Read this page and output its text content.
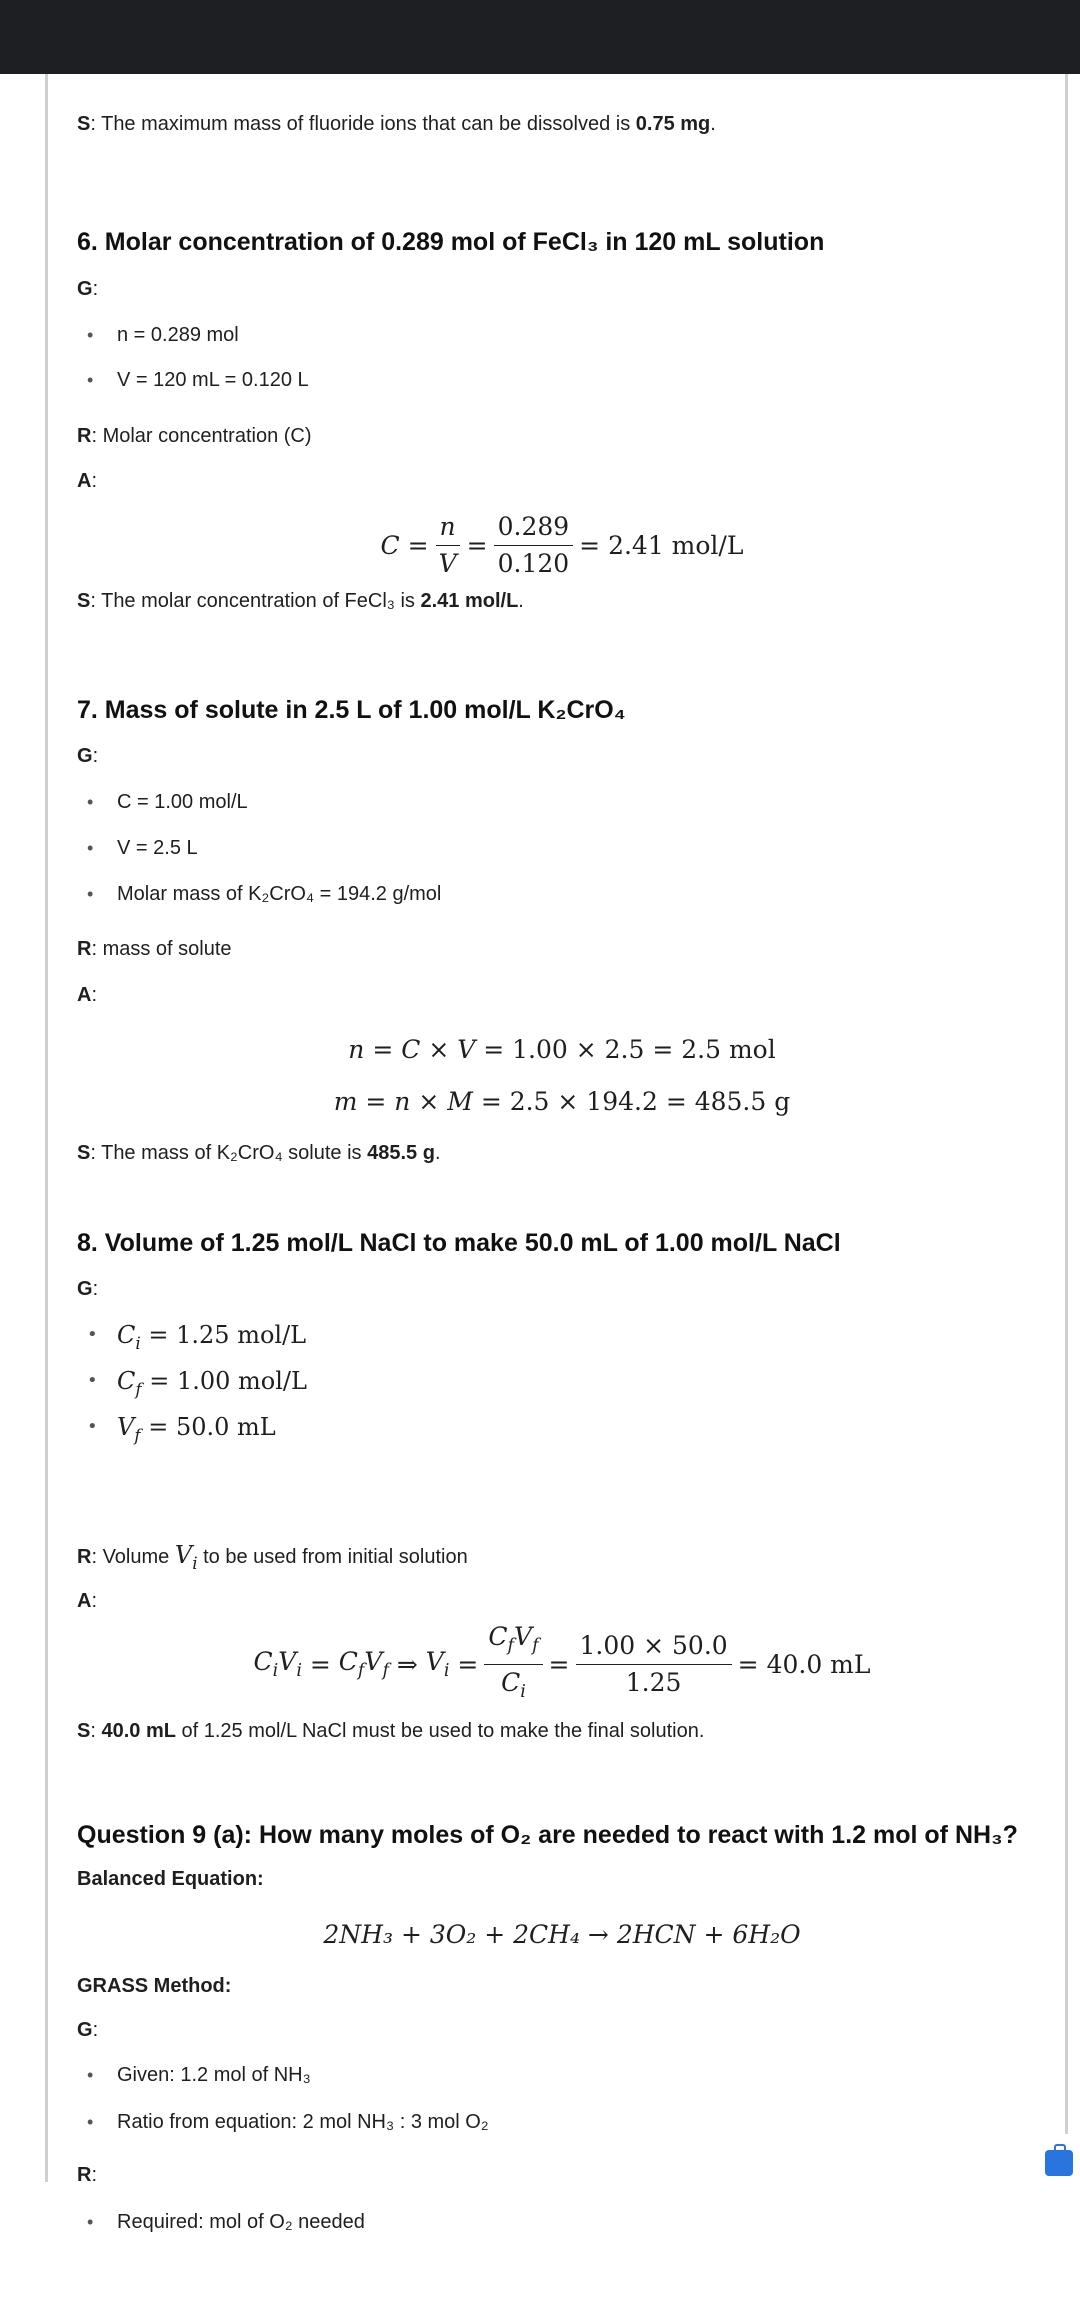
S: The maximum mass of fluoride ions that can be dissolved is 0.75 mg.

6. Molar concentration of 0.289 mol of FeCl₃ in 120 mL solution

G:

• n = 0.289 mol
• V = 120 mL = 0.120 L

R: Molar concentration (C)

A:

$C = \frac{n}{V} = \frac{0.289}{0.120} = 2.41$ mol/L

S: The molar concentration of FeCl₃ is 2.41 mol/L.

7. Mass of solute in 2.5 L of 1.00 mol/L K₂CrO₄

G:

• C = 1.00 mol/L
• V = 2.5 L
• Molar mass of K₂CrO₄ = 194.2 g/mol

R: mass of solute

A:

n = C × V
= 1.00 × 2.5 = 2.5 mol
m = n × M
= 2.5 × 194.2 = 485.5 g

S: The mass of K₂CrO₄ solute is 485.5 g.

8. Volume of 1.25 mol/L NaCl to make 50.0 mL of 1.00 mol/L NaCl

G:

• $C_i = 1.25$ mol/L
• $C_f = 1.00$ mol/L
• $V_f = 50.0$ mL

R: Volume $V_i$ to be used from initial solution

A:

$C_iV_i = C_fV_f$ ⇒ $V_i = \frac{C_fV_f}{C_i} = \frac{1.00 \times 50.0}{1.25} = 40.0$ mL

S: 40.0 mL of 1.25 mol/L NaCl must be used to make the final solution.

Question 9 (a): How many moles of O₂ are needed to react with 1.2 mol of NH₃?

Balanced Equation:

2NH₃ + 3O₂ + 2CH₄ → 2HCN + 6H₂O

GRASS Method:

G:

• Given: 1.2 mol of NH₃
• Ratio from equation: 2 mol NH₃ : 3 mol O₂

R:

• Required: mol of O₂ needed
